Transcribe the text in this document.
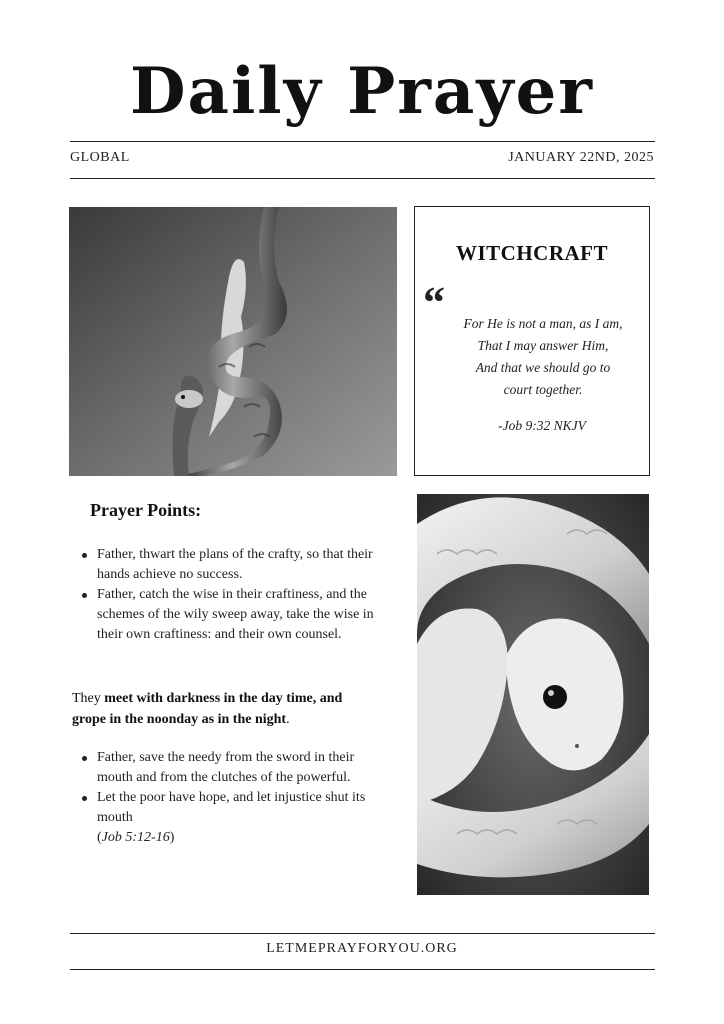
Daily Prayer
GLOBAL	JANUARY 22ND, 2025
WITCHCRAFT
“	For He is not a man, as I am,
That I may answer Him,
And that we should go to
court together.
-Job 9:32 NKJV
Prayer Points:
Father, thwart the plans of the crafty, so that their hands achieve no success.
Father, catch the wise in their craftiness, and the schemes of the wily sweep away, take the wise in their own craftiness: and their own counsel.
They meet with darkness in the day time, and grope in the noonday as in the night.
Father, save the needy from the sword in their mouth and from the clutches of the powerful.
Let the poor have hope, and let injustice shut its mouth
(Job 5:12-16)
LETMEPRAYFORYOU.ORG
